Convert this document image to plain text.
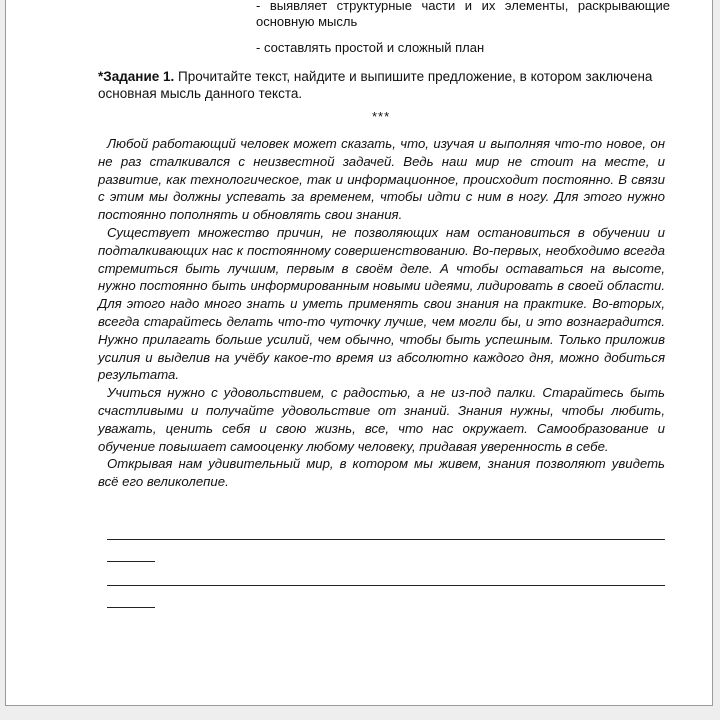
- выявляет структурные части и их элементы, раскрывающие основную мысль

- составлять простой и сложный план

*Задание 1. Прочитайте текст, найдите и выпишите предложение, в котором заключена основная мысль данного текста.

***

Любой работающий человек может сказать, что, изучая и выполняя что-то новое, он не раз сталкивался с неизвестной задачей. Ведь наш мир не стоит на месте, и развитие, как технологическое, так и информационное, происходит постоянно. В связи с этим мы должны успевать за временем, чтобы идти с ним в ногу. Для этого нужно постоянно пополнять и обновлять свои знания.

Существует множество причин, не позволяющих нам остановиться в обучении и подталкивающих нас к постоянному совершенствованию. Во-первых, необходимо всегда стремиться быть лучшим, первым в своём деле. А чтобы оставаться на высоте, нужно постоянно быть информированным новыми идеями, лидировать в своей области. Для этого надо много знать и уметь применять свои знания на практике. Во-вторых, всегда старайтесь делать что-то чуточку лучше, чем могли бы, и это вознаградится. Нужно прилагать больше усилий, чем обычно, чтобы быть успешным. Только приложив усилия и выделив на учёбу какое-то время из абсолютно каждого дня, можно добиться результата.

Учиться нужно с удовольствием, с радостью, а не из-под палки. Старайтесь быть счастливыми и получайте удовольствие от знаний. Знания нужны, чтобы любить, уважать, ценить себя и свою жизнь, все, что нас окружает. Самообразование и обучение повышает самооценку любому человеку, придавая уверенность в себе.

Открывая нам удивительный мир, в котором мы живем, знания позволяют увидеть всё его великолепие.
